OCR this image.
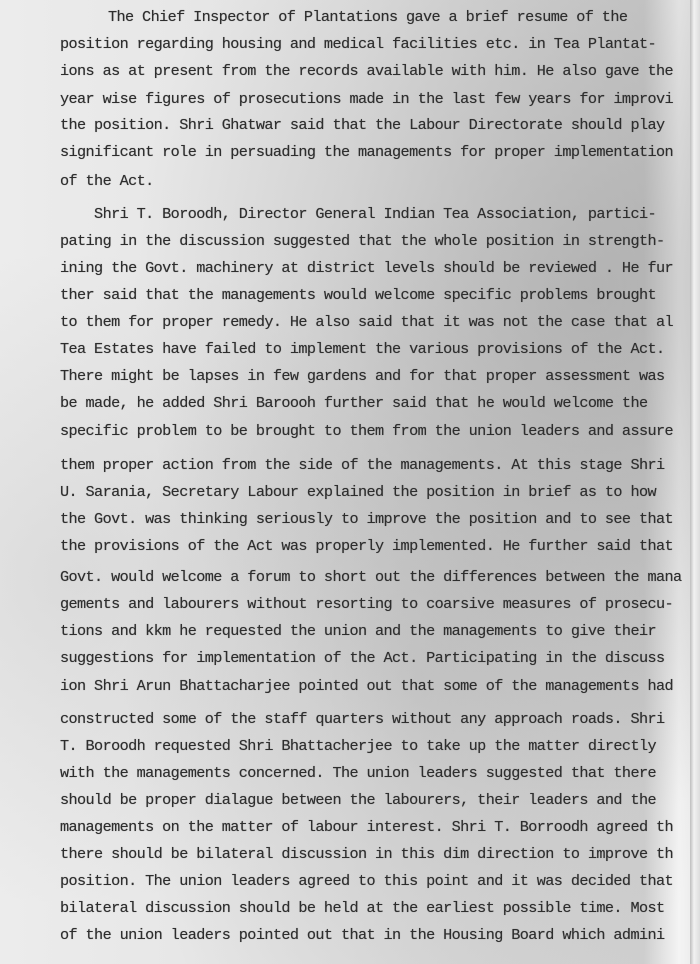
The Chief Inspector of Plantations gave a brief resume of the
position regarding housing and medical facilities etc. in Tea Plantat-
ions as at present from the records available with him. He also gave the
year wise figures of prosecutions made in the last few years for improvi
the position. Shri Ghatwar said that the Labour Directorate should play
significant role in persuading the managements for proper implementation
of the Act.
Shri T. Boroodh, Director General Indian Tea Association, partici-
pating in the discussion suggested that the whole position in strength-
ining the Govt. machinery at district levels should be reviewed . He fur
ther said that the managements would welcome specific problems brought
to them for proper remedy. He also said that it was not the case that al
Tea Estates have failed to implement the various provisions of the Act.
There might be lapses in few gardens and for that proper assessment was
be made, he added Shri Baroooh further said that he would welcome the
specific problem to be brought to them from the union leaders and assure
them proper action from the side of the managements. At this stage Shri
U. Sarania, Secretary Labour explained the position in brief as to how
the Govt. was thinking seriously to improve the position and to see that
the provisions of the Act was properly implemented. He further said that
Govt. would welcome a forum to short out the differences between the mana
gements and labourers without resorting to coarsive measures of prosecu-
tions and kkm he requested the union and the managements to give their
suggestions for implementation of the Act. Participating in the discuss
ion Shri Arun Bhattacharjee pointed out that some of the managements had
constructed some of the staff quarters without any approach roads. Shri
T. Boroodh requested Shri Bhattacherjee to take up the matter directly
with the managements concerned. The union leaders suggested that there
should be proper dialague between the labourers, their leaders and the
managements on the matter of labour interest. Shri T. Borroodh agreed th
there should be bilateral discussion in this dim direction to improve th
position. The union leaders agreed to this point and it was decided that
bilateral discussion should be held at the earliest possible time. Most
of the union leaders pointed out that in the Housing Board which admini
